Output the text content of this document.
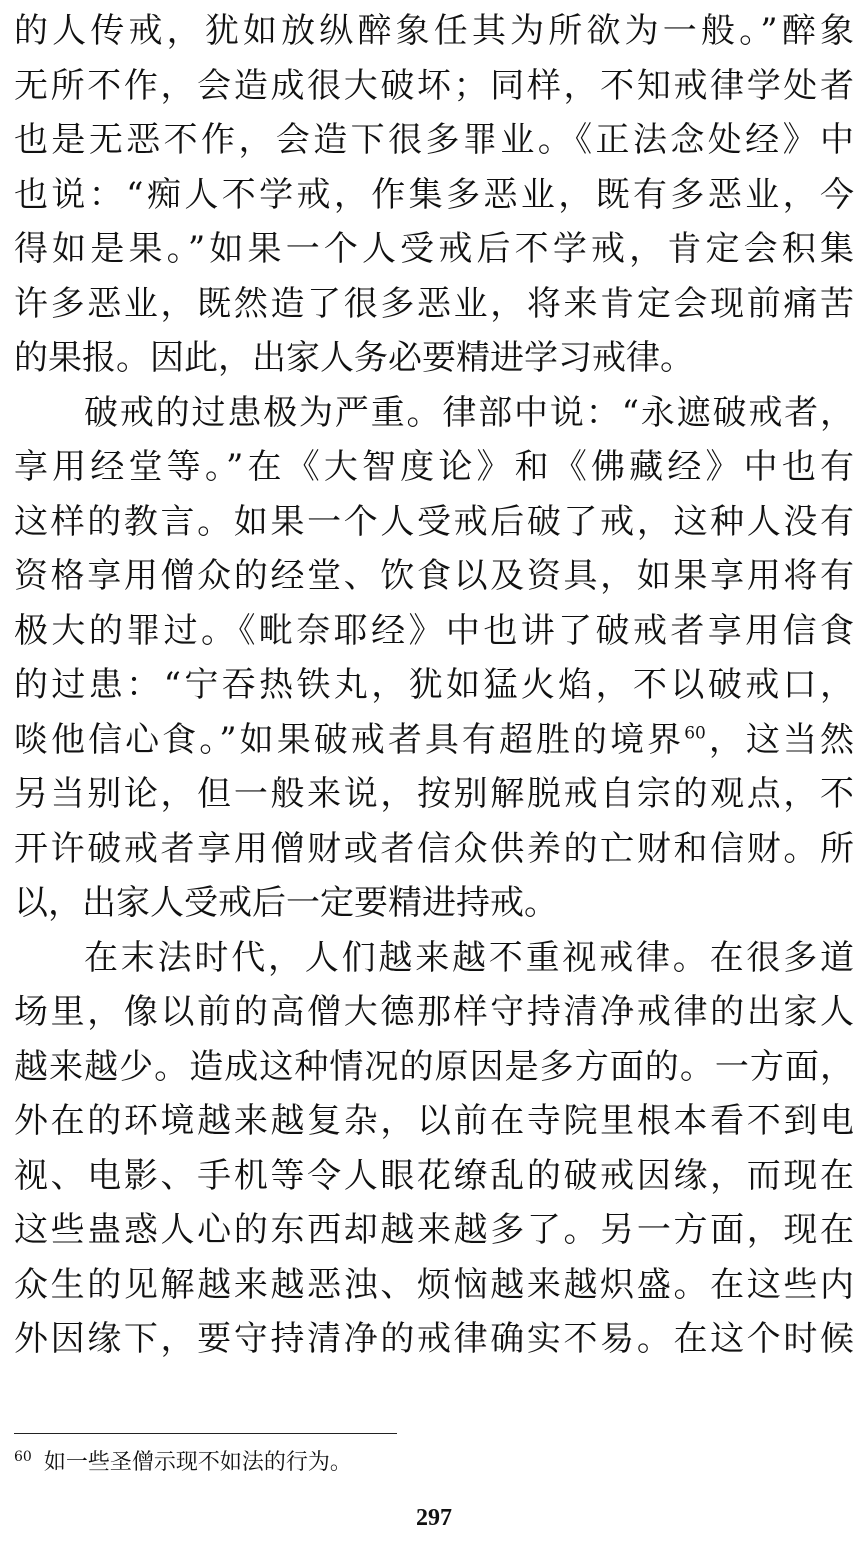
的人传戒，犹如放纵醉象任其为所欲为一般。”醉象
无所不作，会造成很大破坏；同样，不知戒律学处者
也是无恶不作，会造下很多罪业。《正法念处经》中
也说：“痴人不学戒，作集多恶业，既有多恶业，今
得如是果。”如果一个人受戒后不学戒，肯定会积集
许多恶业，既然造了很多恶业，将来肯定会现前痛苦
的果报。因此，出家人务必要精进学习戒律。
破戒的过患极为严重。律部中说：“永遮破戒者，
享用经堂等。”在《大智度论》和《佛藏经》中也有
这样的教言。如果一个人受戒后破了戒，这种人没有
资格享用僧众的经堂、饮食以及资具，如果享用将有
极大的罪过。《毗奈耶经》中也讲了破戒者享用信食
的过患：“宁吞热铁丸，犹如猛火焰，不以破戒口，
啖他信心食。”如果破戒者具有超胜的境界$^{60}$，这当然
另当别论，但一般来说，按别解脱戒自宗的观点，不
开许破戒者享用僧财或者信众供养的亡财和信财。所
以，出家人受戒后一定要精进持戒。
在末法时代，人们越来越不重视戒律。在很多道
场里，像以前的高僧大德那样守持清净戒律的出家人
越来越少。造成这种情况的原因是多方面的。一方面，
外在的环境越来越复杂，以前在寺院里根本看不到电
视、电影、手机等令人眼花缭乱的破戒因缘，而现在
这些蛊惑人心的东西却越来越多了。另一方面，现在
众生的见解越来越恶浊、烦恼越来越炽盛。在这些内
外因缘下，要守持清净的戒律确实不易。在这个时候
$^{60}$ 如一些圣僧示现不如法的行为。
297
